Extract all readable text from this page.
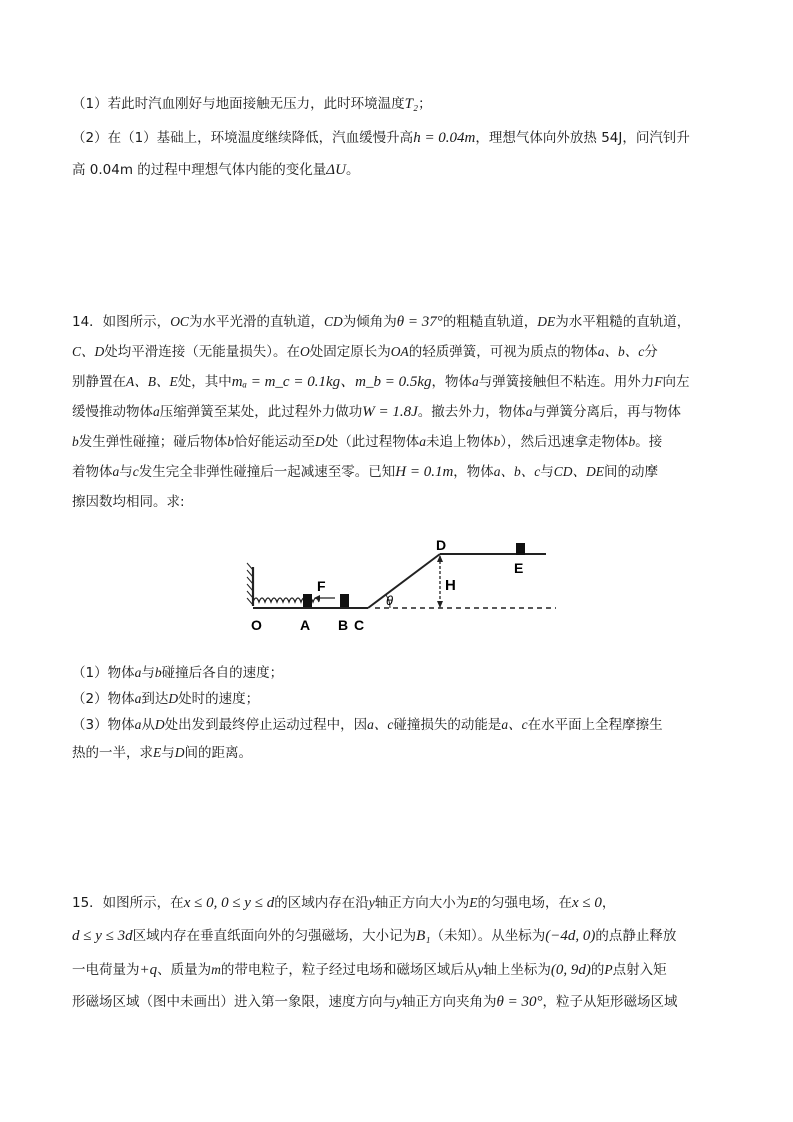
（1）若此时汽血刚好与地面接触无压力，此时环境温度T₂；
（2）在（1）基础上，环境温度继续降低，汽血缓慢升高h = 0.04m，理想气体向外放热 54J，问汽钊升
高 0.04m 的过程中理想气体内能的变化量ΔU。
14．如图所示，OC为水平光滑的直轨道，CD为倾角为θ = 37°的粗糙直轨道，DE为水平粗糙的直轨道，
C、D处均平滑连接（无能量损失）。在O处固定原长为OA的轻质弹簧，可视为质点的物体a、b、c分
别静置在A、B、E处，其中mₐ = m_c = 0.1kg、m_b = 0.5kg，物体a与弹簧接触但不粘连。用外力F向左
缓慢推动物体a压缩弹簧至某处，此过程外力做功W = 1.8J。撤去外力，物体a与弹簧分离后，再与物体
b发生弹性碰撞；碰后物体b恰好能运动至D处（此过程物体a未追上物体b），然后迅速拿走物体b。接
着物体a与c发生完全非弹性碰撞后一起减速至零。已知H = 0.1m，物体a、b、c与CD、DE间的动摩
擦因数均相同。求:
F
θ
H
O	A B C
D
E
（1）物体a与b碰撞后各自的速度；
（2）物体a到达D处时的速度；
（3）物体a从D处出发到最终停止运动过程中，因a、c碰撞损失的动能是a、c在水平面上全程摩擦生
热的一半，求E与D间的距离。
15．如图所示，在x ≤ 0, 0 ≤ y ≤ d的区域内存在沿y轴正方向大小为E的匀强电场，在x ≤ 0，
d ≤ y ≤ 3d区域内存在垂直纸面向外的匀强磁场，大小记为B₁（未知）。从坐标为(−4d, 0)的点静止释放
一电荷量为+q、质量为m的带电粒子，粒子经过电场和磁场区域后从y轴上坐标为(0, 9d)的P点射入矩
形磁场区域（图中未画出）进入第一象限，速度方向与y轴正方向夹角为θ = 30°，粒子从矩形磁场区域
